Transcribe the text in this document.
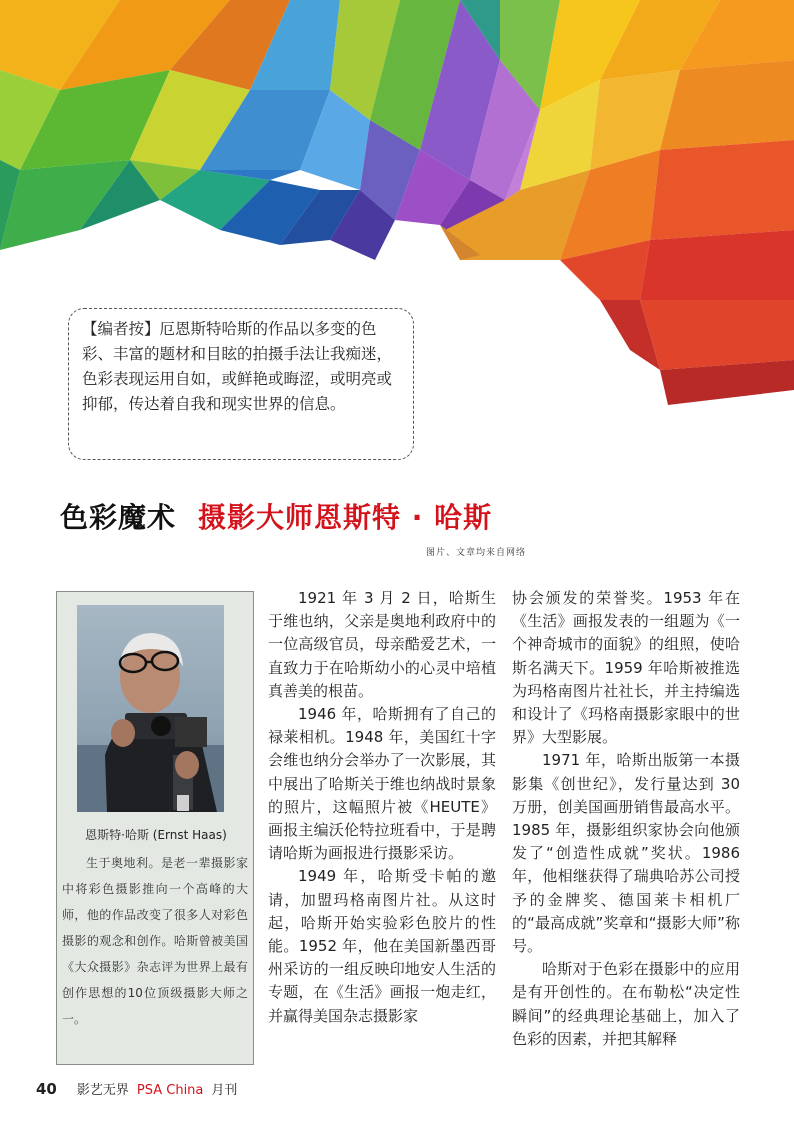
【编者按】厄恩斯特哈斯的作品以多变的色彩、丰富的题材和目眩的拍摄手法让我痴迷，色彩表现运用自如，或鲜艳或晦涩，或明亮或抑郁，传达着自我和现实世界的信息。
色彩魔术 摄影大师恩斯特 · 哈斯
图片、文章均来自网络
恩斯特·哈斯 (Ernst Haas)
生于奥地利。是老一辈摄影家中将彩色摄影推向一个高峰的大师，他的作品改变了很多人对彩色摄影的观念和创作。哈斯曾被美国《大众摄影》杂志评为世界上最有创作思想的10位顶级摄影大师之一。

1921 年 3 月 2 日，哈斯生于维也纳，父亲是奥地利政府中的一位高级官员，母亲酷爱艺术，一直致力于在哈斯幼小的心灵中培植真善美的根苗。

1946 年，哈斯拥有了自己的禄莱相机。1948 年，美国红十字会维也纳分会举办了一次影展，其中展出了哈斯关于维也纳战时景象的照片，这幅照片被《HEUTE》画报主编沃伦特拉班看中，于是聘请哈斯为画报进行摄影采访。

1949 年，哈斯受卡帕的邀请，加盟玛格南图片社。从这时起，哈斯开始实验彩色胶片的性能。1952 年，他在美国新墨西哥州采访的一组反映印地安人生活的专题，在《生活》画报一炮走红，并赢得美国杂志摄影家

协会颁发的荣誉奖。1953 年在《生活》画报发表的一组题为《一个神奇城市的面貌》的组照，使哈斯名满天下。1959 年哈斯被推选为玛格南图片社社长，并主持编选和设计了《玛格南摄影家眼中的世界》大型影展。

1971 年，哈斯出版第一本摄影集《创世纪》，发行量达到 30 万册，创美国画册销售最高水平。1985 年，摄影组织家协会向他颁发了“创造性成就”奖状。1986 年，他相继获得了瑞典哈苏公司授予的金牌奖、德国莱卡相机厂的“最高成就”奖章和“摄影大师”称号。

哈斯对于色彩在摄影中的应用是有开创性的。在布勒松“决定性瞬间”的经典理论基础上，加入了色彩的因素，并把其解释

40 影艺无界 PSA China 月刊
